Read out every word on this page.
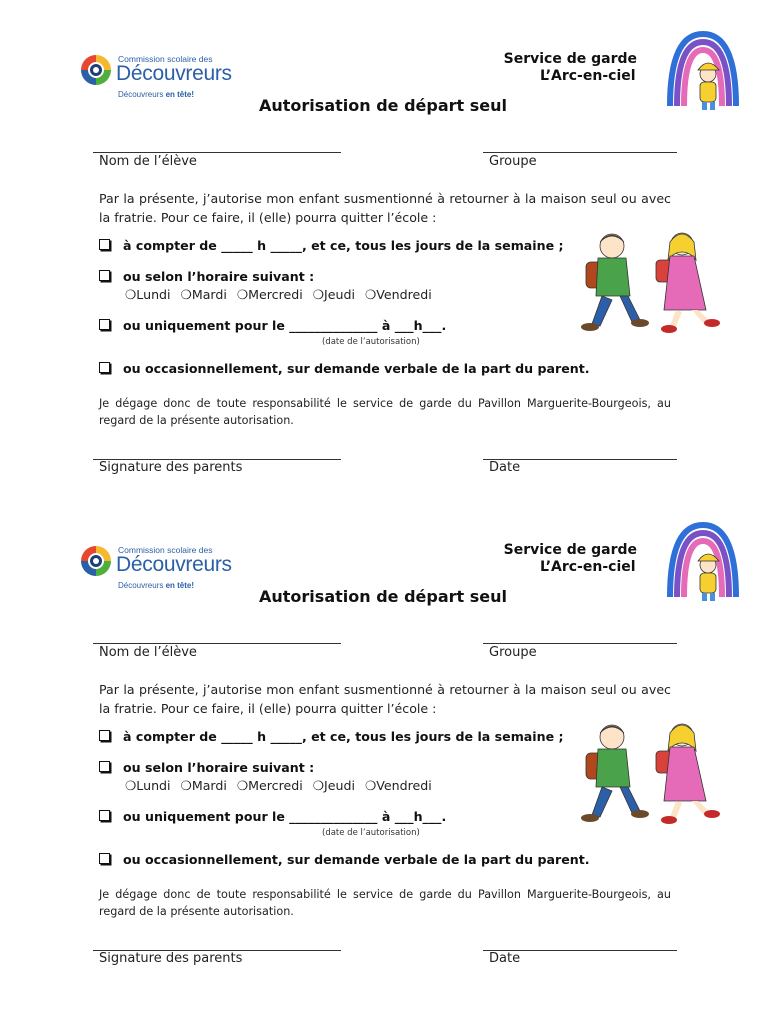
Commission scolaire des
Découvreurs
Découvreurs en tête!
Service de garde
L’Arc-en-ciel
Autorisation de départ seul
Nom de l’élève	Groupe
Par la présente, j’autorise mon enfant susmentionné à retourner à la maison seul ou avec la fratrie. Pour ce faire, il (elle) pourra quitter l’école :
à compter de _____ h _____, et ce, tous les jours de la semaine ;
ou selon l’horaire suivant :
❍Lundi ❍Mardi ❍Mercredi ❍Jeudi ❍Vendredi
ou uniquement pour le ______________ à ___h___.
(date de l’autorisation)
ou occasionnellement, sur demande verbale de la part du parent.
Je dégage donc de toute responsabilité le service de garde du Pavillon Marguerite-Bourgeois, au regard de la présente autorisation.
Signature des parents	Date
Commission scolaire des
Découvreurs
Découvreurs en tête!
Service de garde
L’Arc-en-ciel
Autorisation de départ seul
Nom de l’élève	Groupe
Par la présente, j’autorise mon enfant susmentionné à retourner à la maison seul ou avec la fratrie. Pour ce faire, il (elle) pourra quitter l’école :
à compter de _____ h _____, et ce, tous les jours de la semaine ;
ou selon l’horaire suivant :
❍Lundi ❍Mardi ❍Mercredi ❍Jeudi ❍Vendredi
ou uniquement pour le ______________ à ___h___.
(date de l’autorisation)
ou occasionnellement, sur demande verbale de la part du parent.
Je dégage donc de toute responsabilité le service de garde du Pavillon Marguerite-Bourgeois, au regard de la présente autorisation.
Signature des parents	Date
